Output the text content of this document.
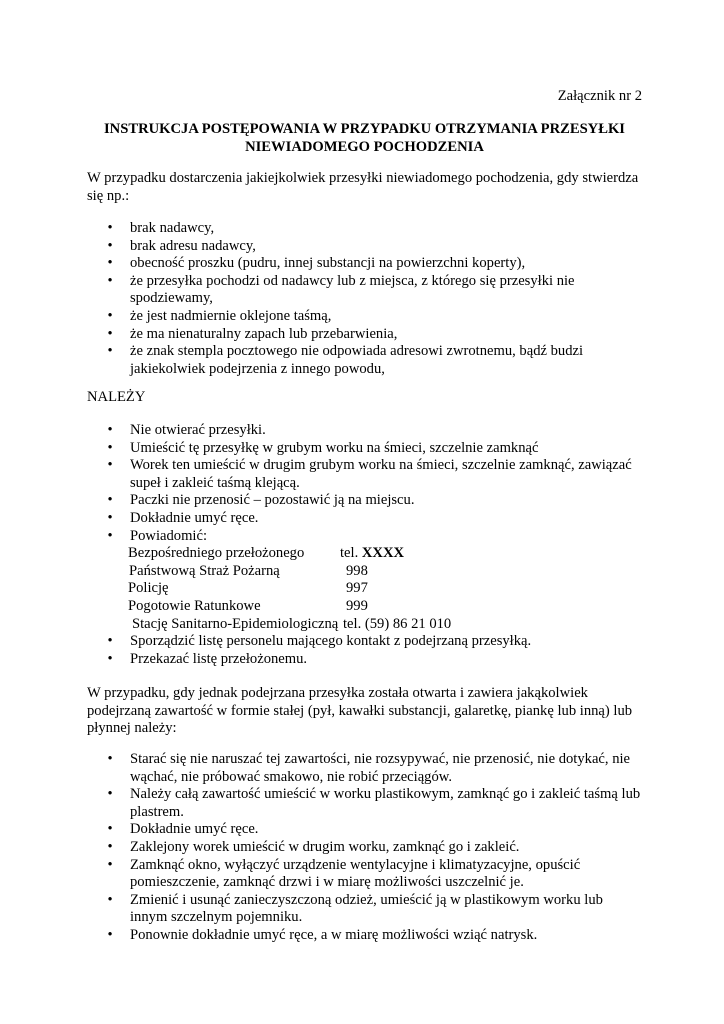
Załącznik nr 2
INSTRUKCJA POSTĘPOWANIA W PRZYPADKU OTRZYMANIA PRZESYŁKI
NIEWIADOMEGO POCHODZENIA
W przypadku dostarczenia jakiejkolwiek przesyłki niewiadomego pochodzenia, gdy stwierdza się np.:
• brak nadawcy,
• brak adresu nadawcy,
• obecność proszku (pudru, innej substancji na powierzchni koperty),
• że przesyłka pochodzi od nadawcy lub z miejsca, z którego się przesyłki nie spodziewamy,
• że jest nadmiernie oklejone taśmą,
• że ma nienaturalny zapach lub przebarwienia,
• że znak stempla pocztowego nie odpowiada adresowi zwrotnemu, bądź budzi jakiekolwiek podejrzenia z innego powodu,
NALEŻY
• Nie otwierać przesyłki.
• Umieścić tę przesyłkę w grubym worku na śmieci, szczelnie zamknąć
• Worek ten umieścić w drugim grubym worku na śmieci, szczelnie zamknąć, zawiązać supeł i zakleić taśmą klejącą.
• Paczki nie przenosić – pozostawić ją na miejscu.
• Dokładnie umyć ręce.
• Powiadomić:
Bezpośredniego przełożonego	tel. XXXX
Państwową Straż Pożarną	998
Policję	997
Pogotowie Ratunkowe	999
Stację Sanitarno-Epidemiologiczną tel. (59) 86 21 010
• Sporządzić listę personelu mającego kontakt z podejrzaną przesyłką.
• Przekazać listę przełożonemu.
W przypadku, gdy jednak podejrzana przesyłka została otwarta i zawiera jakąkolwiek podejrzaną zawartość w formie stałej (pył, kawałki substancji, galaretkę, piankę lub inną) lub płynnej należy:
• Starać się nie naruszać tej zawartości, nie rozsypywać, nie przenosić, nie dotykać, nie wąchać, nie próbować smakowo, nie robić przeciągów.
• Należy całą zawartość umieścić w worku plastikowym, zamknąć go i zakleić taśmą lub plastrem.
• Dokładnie umyć ręce.
• Zaklejony worek umieścić w drugim worku, zamknąć go i zakleić.
• Zamknąć okno, wyłączyć urządzenie wentylacyjne i klimatyzacyjne, opuścić pomieszczenie, zamknąć drzwi i w miarę możliwości uszczelnić je.
• Zmienić i usunąć zanieczyszczoną odzież, umieścić ją w plastikowym worku lub innym szczelnym pojemniku.
• Ponownie dokładnie umyć ręce, a w miarę możliwości wziąć natrysk.
